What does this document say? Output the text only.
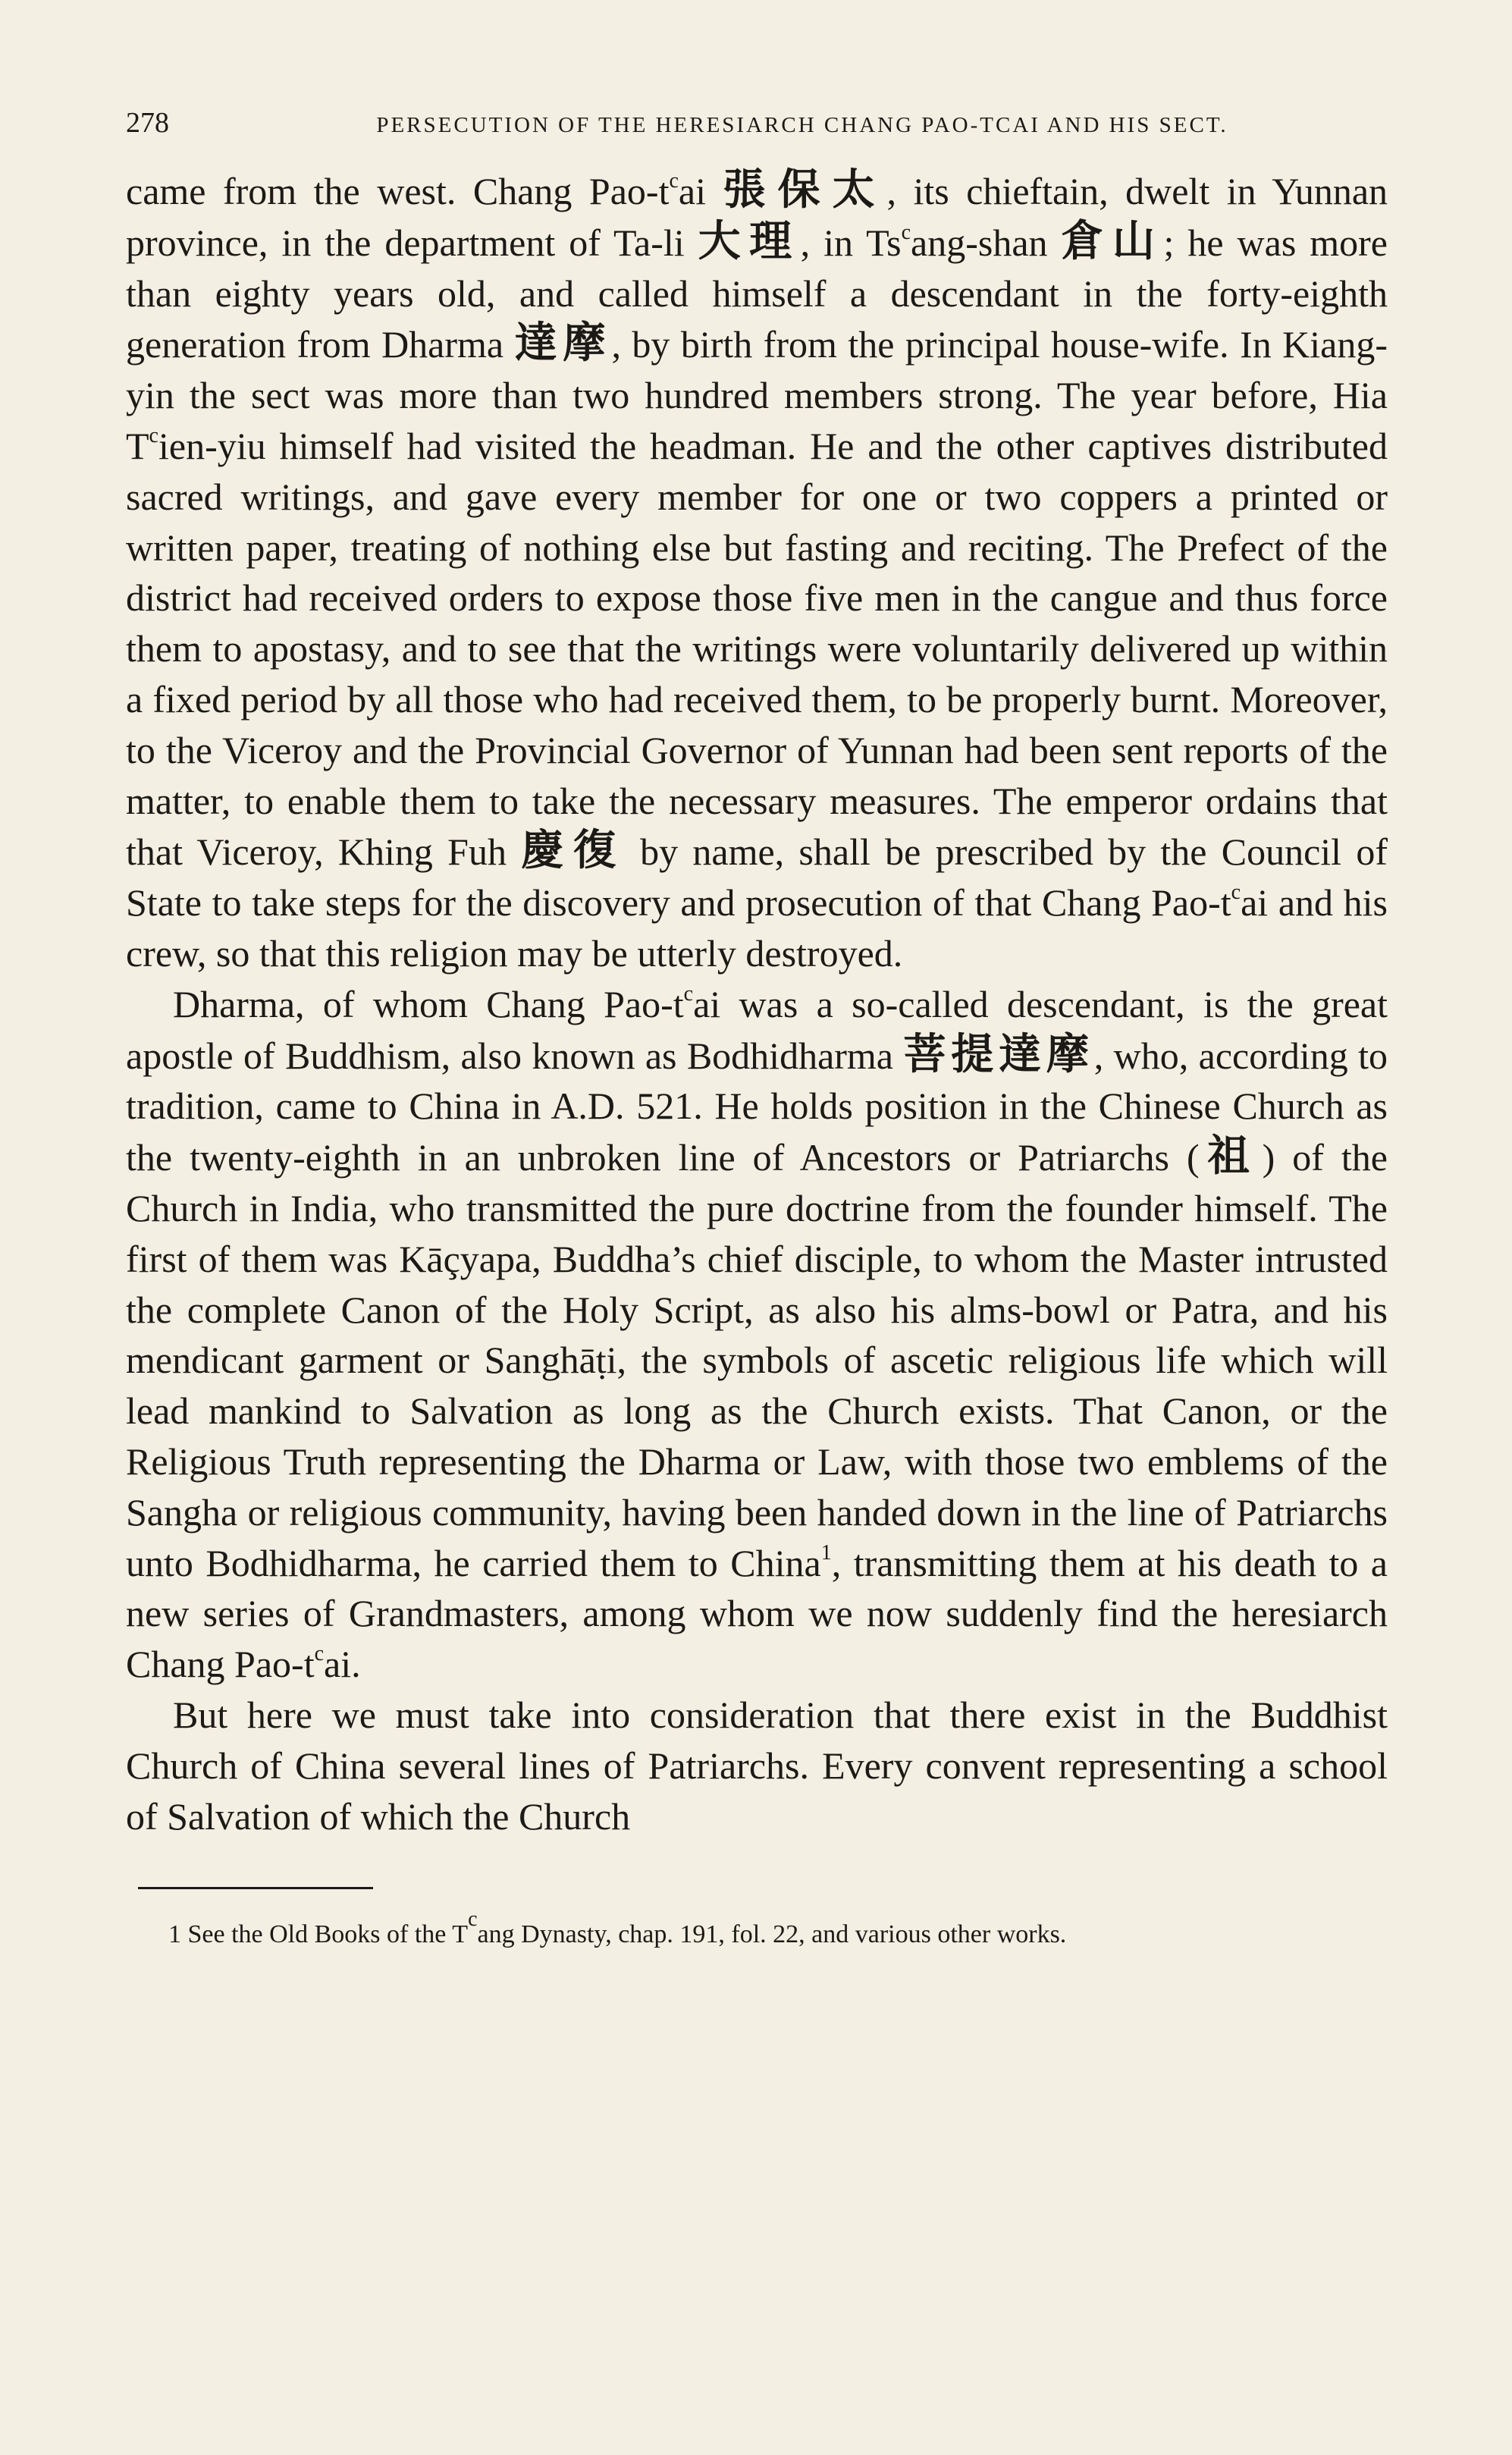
278	PERSECUTION OF THE HERESIARCH CHANG PAO-TCAI AND HIS SECT.

came from the west. Chang Pao-$t^cai$ 張保太, its chieftain, dwelt in Yunnan province, in the department of Ta-li 大理, in Ts$^c$ang-shan 倉山; he was more than eighty years old, and called himself a descendant in the forty-eighth generation from Dharma 達摩, by birth from the principal house-wife. In Kiang-yin the sect was more than two hundred members strong. The year before, Hia $T^cien$-yiu himself had visited the headman. He and the other captives distributed sacred writings, and gave every member for one or two coppers a printed or written paper, treating of nothing else but fasting and reciting. The Prefect of the district had received orders to expose those five men in the cangue and thus force them to apostasy, and to see that the writings were voluntarily delivered up within a fixed period by all those who had received them, to be properly burnt. Moreover, to the Viceroy and the Provincial Governor of Yunnan had been sent reports of the matter, to enable them to take the necessary measures. The emperor ordains that that Viceroy, Khing Fuh 慶復 by name, shall be prescribed by the Council of State to take steps for the discovery and prosecution of that Chang Pao-$t^cai$ and his crew, so that this religion may be utterly destroyed.

Dharma, of whom Chang Pao-$t^cai$ was a so-called descendant, is the great apostle of Buddhism, also known as Bodhidharma 菩提達摩, who, according to tradition, came to China in A.D. 521. He holds position in the Chinese Church as the twenty-eighth in an unbroken line of Ancestors or Patriarchs (祖) of the Church in India, who transmitted the pure doctrine from the founder himself. The first of them was Kāçyapa, Buddha’s chief disciple, to whom the Master intrusted the complete Canon of the Holy Script, as also his alms-bowl or Patra, and his mendicant garment or Sanghāṭi, the symbols of ascetic religious life which will lead mankind to Salvation as long as the Church exists. That Canon, or the Religious Truth representing the Dharma or Law, with those two emblems of the Sangha or religious community, having been handed down in the line of Patriarchs unto Bodhidharma, he carried them to China$^1$, transmitting them at his death to a new series of Grandmasters, among whom we now suddenly find the heresiarch Chang Pao-$t^cai$.

But here we must take into consideration that there exist in the Buddhist Church of China several lines of Patriarchs. Every convent representing a school of Salvation of which the Church

1 See the Old Books of the $T^cang$ Dynasty, chap. 191, fol. 22, and various other works.
